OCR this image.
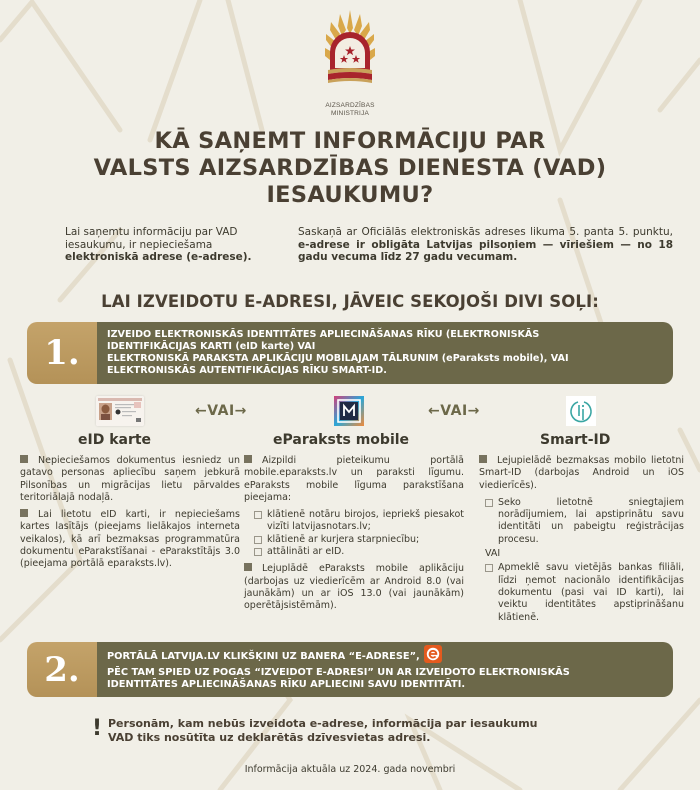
AIZSARDZĪBAS
MINISTRIJA
KĀ SAŅEMT INFORMĀCIJU PAR
VALSTS AIZSARDZĪBAS DIENESTA (VAD)
IESAUKUMU?

Lai saņemtu informāciju par VAD iesaukumu, ir nepieciešama elektroniskā adrese (e-adrese).

Saskaņā ar Oficiālās elektroniskās adreses likuma 5. panta 5. punktu, e-adrese ir obligāta Latvijas pilsoņiem — vīriešiem — no 18 gadu vecuma līdz 27 gadu vecumam.

LAI IZVEIDOTU E-ADRESI, JĀVEIC SEKOJOŠI DIVI SOĻI:
1.	IZVEIDO ELEKTRONISKĀS IDENTITĀTES APLIECINĀŠANAS RĪKU (ELEKTRONISKĀS
IDENTIFIKĀCIJAS KARTI (eID karte) VAI
ELEKTRONISKĀ PARAKSTA APLIKĀCIJU MOBILAJAM TĀLRUNIM (eParaksts mobile), VAI
ELEKTRONISKĀS AUTENTIFIKĀCIJAS RĪKU SMART-ID.
←VAI→	←VAI→
eID karte	eParaksts mobile	Smart-ID

Nepieciešamos dokumentus iesniedz un gatavo personas apliecību saņem jebkurā Pilsonības un migrācijas lietu pārvaldes teritoriālajā nodaļā.

Lai lietotu eID karti, ir nepieciešams kartes lasītājs (pieejams lielākajos interneta veikalos), kā arī bezmaksas programmatūra dokumentu eParakstīšanai - eParakstītājs 3.0 (pieejama portālā eparaksts.lv).

Aizpildi pieteikumu portālā mobile.eparaksts.lv un paraksti līgumu. eParaksts mobile līguma parakstīšana pieejama:

klātienē notāru birojos, iepriekš piesakot vizīti latvijasnotars.lv;
klātienē ar kurjera starpniecību;
attālināti ar eID.

Lejuplādē eParaksts mobile aplikāciju (darbojas uz viedierīcēm ar Android 8.0 (vai jaunākām) un ar iOS 13.0 (vai jaunākām) operētājsistēmām).

Lejupielādē bezmaksas mobilo lietotni Smart-ID (darbojas Android un iOS viedierīcēs).

Seko lietotnē sniegtajiem norādījumiem, lai apstiprinātu savu identitāti un pabeigtu reģistrācijas procesu.
VAI
Apmeklē savu vietējās bankas filiāli, līdzi ņemot nacionālo identifikācijas dokumentu (pasi vai ID karti), lai veiktu identitātes apstiprināšanu klātienē.
2.	PORTĀLĀ LATVIJA.LV KLIKŠĶINI UZ BANERA “E-ADRESE”,
PĒC TAM SPIED UZ POGAS “IZVEIDOT E-ADRESI” UN AR IZVEIDOTO ELEKTRONISKĀS
IDENTITĀTES APLIECINĀŠANAS RĪKU APLIECINI SAVU IDENTITĀTI.
! Personām, kam nebūs izveidota e-adrese, informācija par iesaukumu
VAD tiks nosūtīta uz deklarētās dzīvesvietas adresi.
Informācija aktuāla uz 2024. gada novembri
